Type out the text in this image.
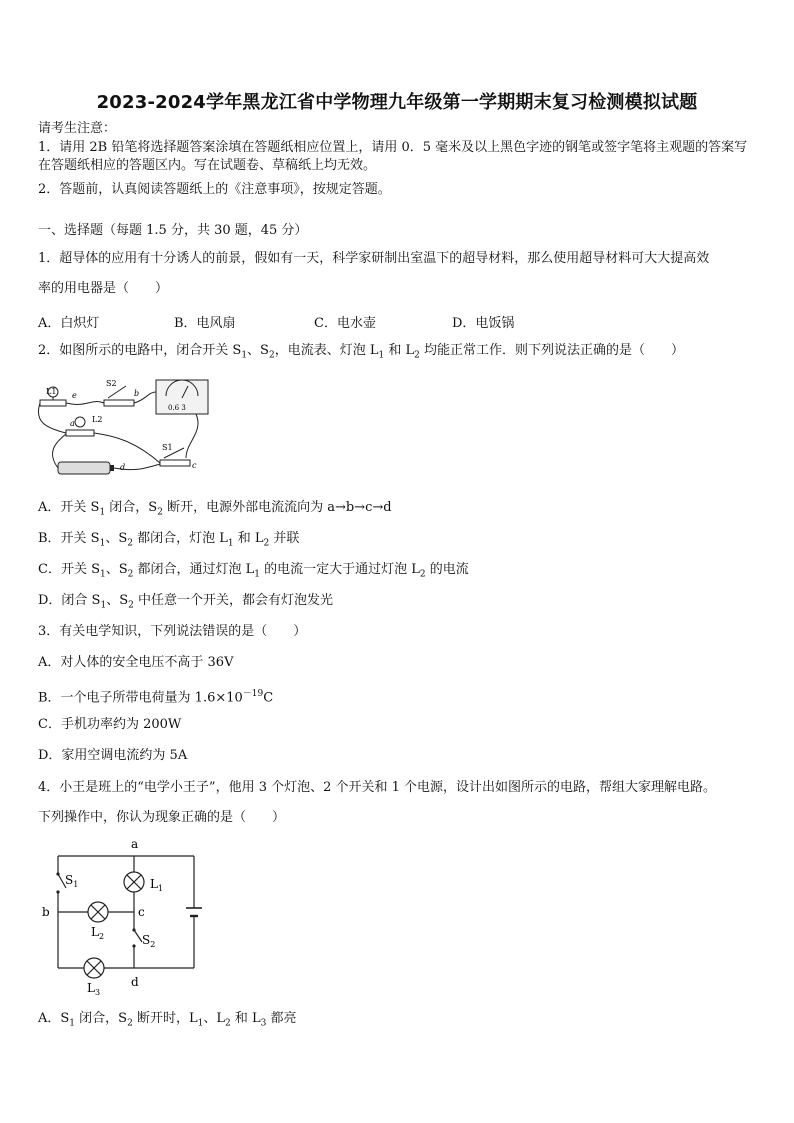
2023-2024学年黑龙江省中学物理九年级第一学期期末复习检测模拟试题
请考生注意：
1．请用 2B 铅笔将选择题答案涂填在答题纸相应位置上，请用 0．5 毫米及以上黑色字迹的钢笔或签字笔将主观题的答案写在答题纸相应的答题区内。写在试题卷、草稿纸上均无效。
2．答题前，认真阅读答题纸上的《注意事项》，按规定答题。
一、选择题（每题 1.5 分，共 30 题，45 分）
1．超导体的应用有十分诱人的前景，假如有一天，科学家研制出室温下的超导材料，那么使用超导材料可大大提高效
率的用电器是（　　）
A．白炽灯	B．电风扇	C．电水壶	D．电饭锅
2．如图所示的电路中，闭合开关 $S_1$、$S_2$，电流表、灯泡 $L_1$ 和 $L_2$ 均能正常工作．则下列说法正确的是（　　）
L1 e
S2
b
0.6 3
L2
a
d
S1
c
A．开关 $S_1$ 闭合，$S_2$ 断开，电源外部电流流向为 a→b→c→d
B．开关 $S_1$、$S_2$ 都闭合，灯泡 $L_1$ 和 $L_2$ 并联
C．开关 $S_1$、$S_2$ 都闭合，通过灯泡 $L_1$ 的电流一定大于通过灯泡 $L_2$ 的电流
D．闭合 $S_1$、$S_2$ 中任意一个开关，都会有灯泡发光
3．有关电学知识，下列说法错误的是（　　）
A．对人体的安全电压不高于 36V
B．一个电子所带电荷量为 $1.6\times 10^{-19}C$
C．手机功率约为 200W
D．家用空调电流约为 5A
4．小王是班上的“电学小王子”，他用 3 个灯泡、2 个开关和 1 个电源，设计出如图所示的电路，帮组大家理解电路。
下列操作中，你认为现象正确的是（　　）
a
b	c
d
$S_1$
$S_2$
$L_1$
$L_2$
$L_3$
A．$S_1$ 闭合，$S_2$ 断开时，$L_1$、$L_2$ 和 $L_3$ 都亮
